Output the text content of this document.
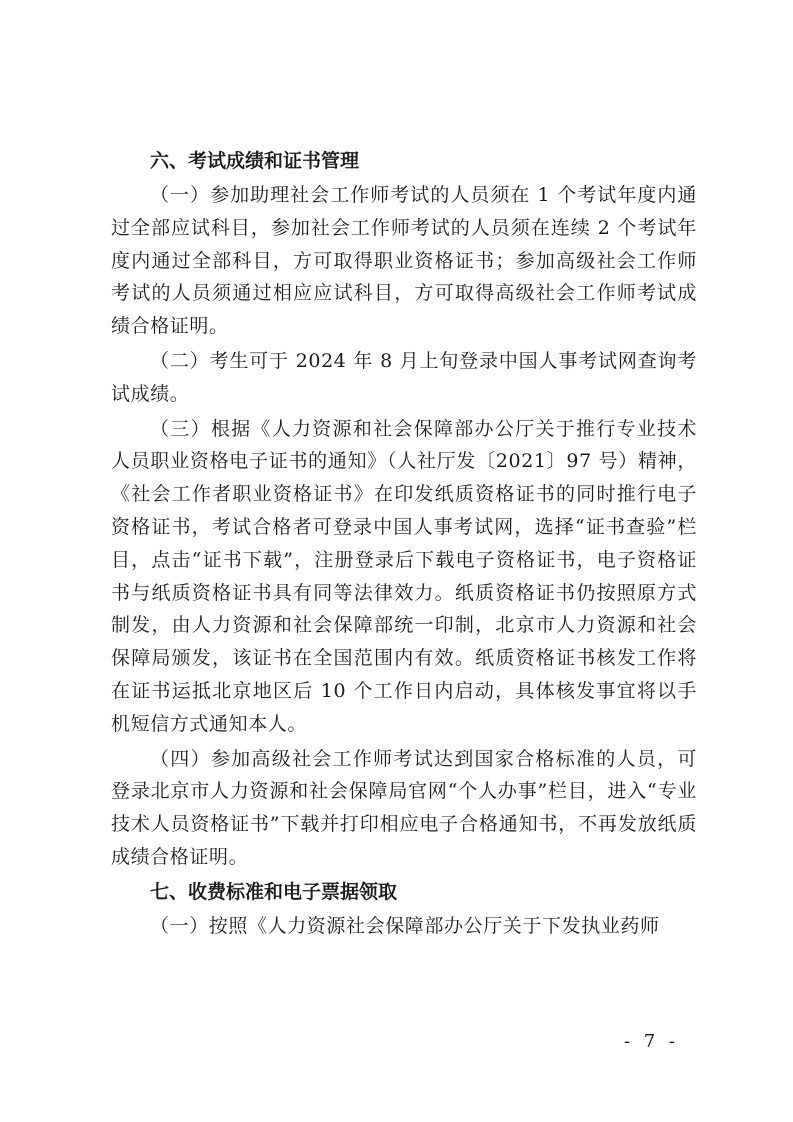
六、考试成绩和证书管理

（一）参加助理社会工作师考试的人员须在 1 个考试年度内通过全部应试科目，参加社会工作师考试的人员须在连续 2 个考试年度内通过全部科目，方可取得职业资格证书；参加高级社会工作师考试的人员须通过相应应试科目，方可取得高级社会工作师考试成绩合格证明。

（二）考生可于 2024 年 8 月上旬登录中国人事考试网查询考试成绩。

（三）根据《人力资源和社会保障部办公厅关于推行专业技术人员职业资格电子证书的通知》（人社厅发〔2021〕97 号）精神，《社会工作者职业资格证书》在印发纸质资格证书的同时推行电子资格证书，考试合格者可登录中国人事考试网，选择“证书查验”栏目，点击“证书下载”，注册登录后下载电子资格证书，电子资格证书与纸质资格证书具有同等法律效力。纸质资格证书仍按照原方式制发，由人力资源和社会保障部统一印制，北京市人力资源和社会保障局颁发，该证书在全国范围内有效。纸质资格证书核发工作将在证书运抵北京地区后 10 个工作日内启动，具体核发事宜将以手机短信方式通知本人。

（四）参加高级社会工作师考试达到国家合格标准的人员，可登录北京市人力资源和社会保障局官网“个人办事”栏目，进入“专业技术人员资格证书”下载并打印相应电子合格通知书，不再发放纸质成绩合格证明。

七、收费标准和电子票据领取

（一）按照《人力资源社会保障部办公厅关于下发执业药师

- 7 -
